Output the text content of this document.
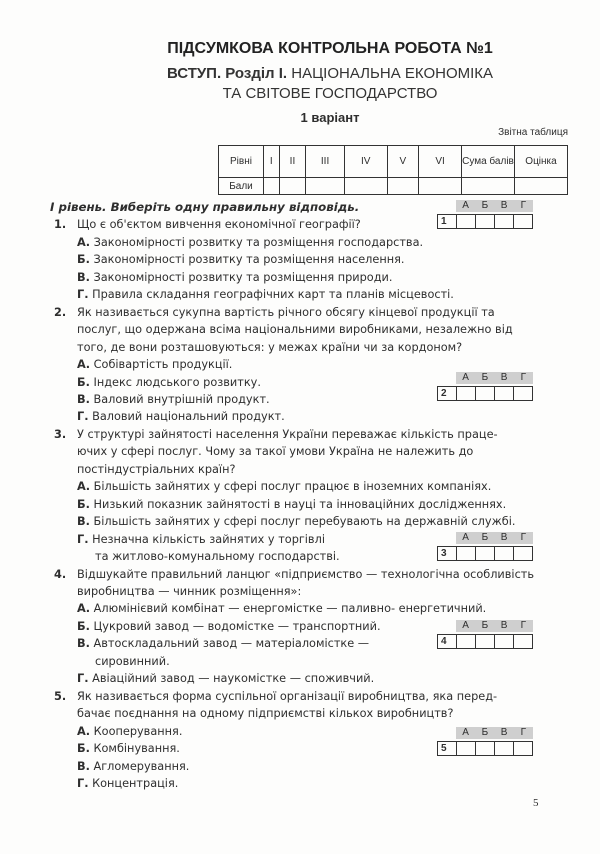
ПІДСУМКОВА КОНТРОЛЬНА РОБОТА №1
ВСТУП. Розділ І. НАЦІОНАЛЬНА ЕКОНОМІКА
ТА СВІТОВЕ ГОСПОДАРСТВО
1 варіант
Звітна таблиця
Рівні	I	II	III	IV	V	VI	Сума балів	Оцінка
Бали								
І рівень. Виберіть одну правильну відповідь.
1. Що є об'єктом вивчення економічної географії?
А. Закономірності розвитку та розміщення господарства.
Б. Закономірності розвитку та розміщення населення.
В. Закономірності розвитку та розміщення природи.
Г. Правила складання географічних карт та планів місцевості.
2. Як називається сукупна вартість річного обсягу кінцевої продукції та
послуг, що одержана всіма національними виробниками, незалежно від
того, де вони розташовуються: у межах країни чи за кордоном?
А. Собівартість продукції.
Б. Індекс людського розвитку.
В. Валовий внутрішній продукт.
Г. Валовий національний продукт.
3. У структурі зайнятості населення України переважає кількість праце-
ючих у сфері послуг. Чому за такої умови Україна не належить до
постіндустріальних країн?
А. Більшість зайнятих у сфері послуг працює в іноземних компаніях.
Б. Низький показник зайнятості в науці та інноваційних дослідженнях.
В. Більшість зайнятих у сфері послуг перебувають на державній службі.
Г. Незначна кількість зайнятих у торгівлі
та житлово-комунальному господарстві.
4. Відшукайте правильний ланцюг «підприємство — технологічна особливість
виробництва — чинник розміщення»:
А. Алюмінієвий комбінат — енергомістке — паливно- енергетичний.
Б. Цукровий завод — водомістке — транспортний.
В. Автоскладальний завод — матеріаломістке —
сировинний.
Г. Авіаційний завод — наукомістке — споживчий.
5. Як називається форма суспільної організації виробництва, яка перед-
бачає поєднання на одному підприємстві кількох виробництв?
А. Кооперування.
Б. Комбінування.
В. Агломерування.
Г. Концентрація.
А	Б	В	Г
1
А	Б	В	Г
2
А	Б	В	Г
3
А	Б	В	Г
4
А	Б	В	Г
5
5
